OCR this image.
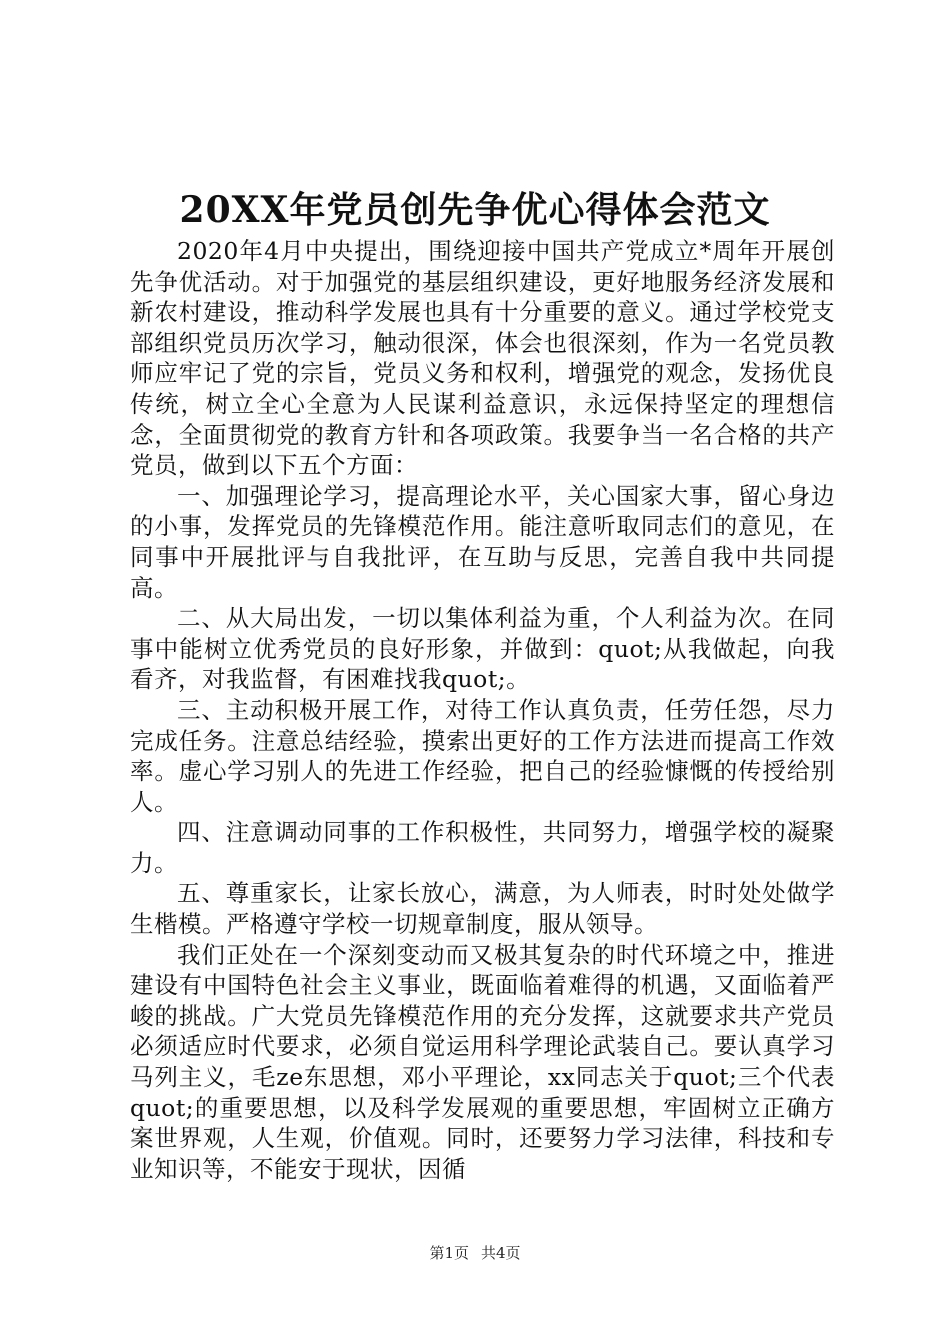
20XX年党员创先争优心得体会范文

2020年4月中央提出，围绕迎接中国共产党成立*周年开展创先争优活动。对于加强党的基层组织建设，更好地服务经济发展和新农村建设，推动科学发展也具有十分重要的意义。通过学校党支部组织党员历次学习，触动很深，体会也很深刻，作为一名党员教师应牢记了党的宗旨，党员义务和权利，增强党的观念，发扬优良传统，树立全心全意为人民谋利益意识，永远保持坚定的理想信念，全面贯彻党的教育方针和各项政策。我要争当一名合格的共产党员，做到以下五个方面：

一、加强理论学习，提高理论水平，关心国家大事，留心身边的小事，发挥党员的先锋模范作用。能注意听取同志们的意见，在同事中开展批评与自我批评，在互助与反思，完善自我中共同提高。

二、从大局出发，一切以集体利益为重，个人利益为次。在同事中能树立优秀党员的良好形象，并做到：quot;从我做起，向我看齐，对我监督，有困难找我quot;。

三、主动积极开展工作，对待工作认真负责，任劳任怨，尽力完成任务。注意总结经验，摸索出更好的工作方法进而提高工作效率。虚心学习别人的先进工作经验，把自己的经验慷慨的传授给别人。

四、注意调动同事的工作积极性，共同努力，增强学校的凝聚力。

五、尊重家长，让家长放心，满意，为人师表，时时处处做学生楷模。严格遵守学校一切规章制度，服从领导。

我们正处在一个深刻变动而又极其复杂的时代环境之中，推进建设有中国特色社会主义事业，既面临着难得的机遇，又面临着严峻的挑战。广大党员先锋模范作用的充分发挥，这就要求共产党员必须适应时代要求，必须自觉运用科学理论武装自己。要认真学习马列主义，毛ze东思想，邓小平理论，xx同志关于quot;三个代表quot;的重要思想，以及科学发展观的重要思想，牢固树立正确方案世界观，人生观，价值观。同时，还要努力学习法律，科技和专业知识等，不能安于现状，因循

第1页 共4页
